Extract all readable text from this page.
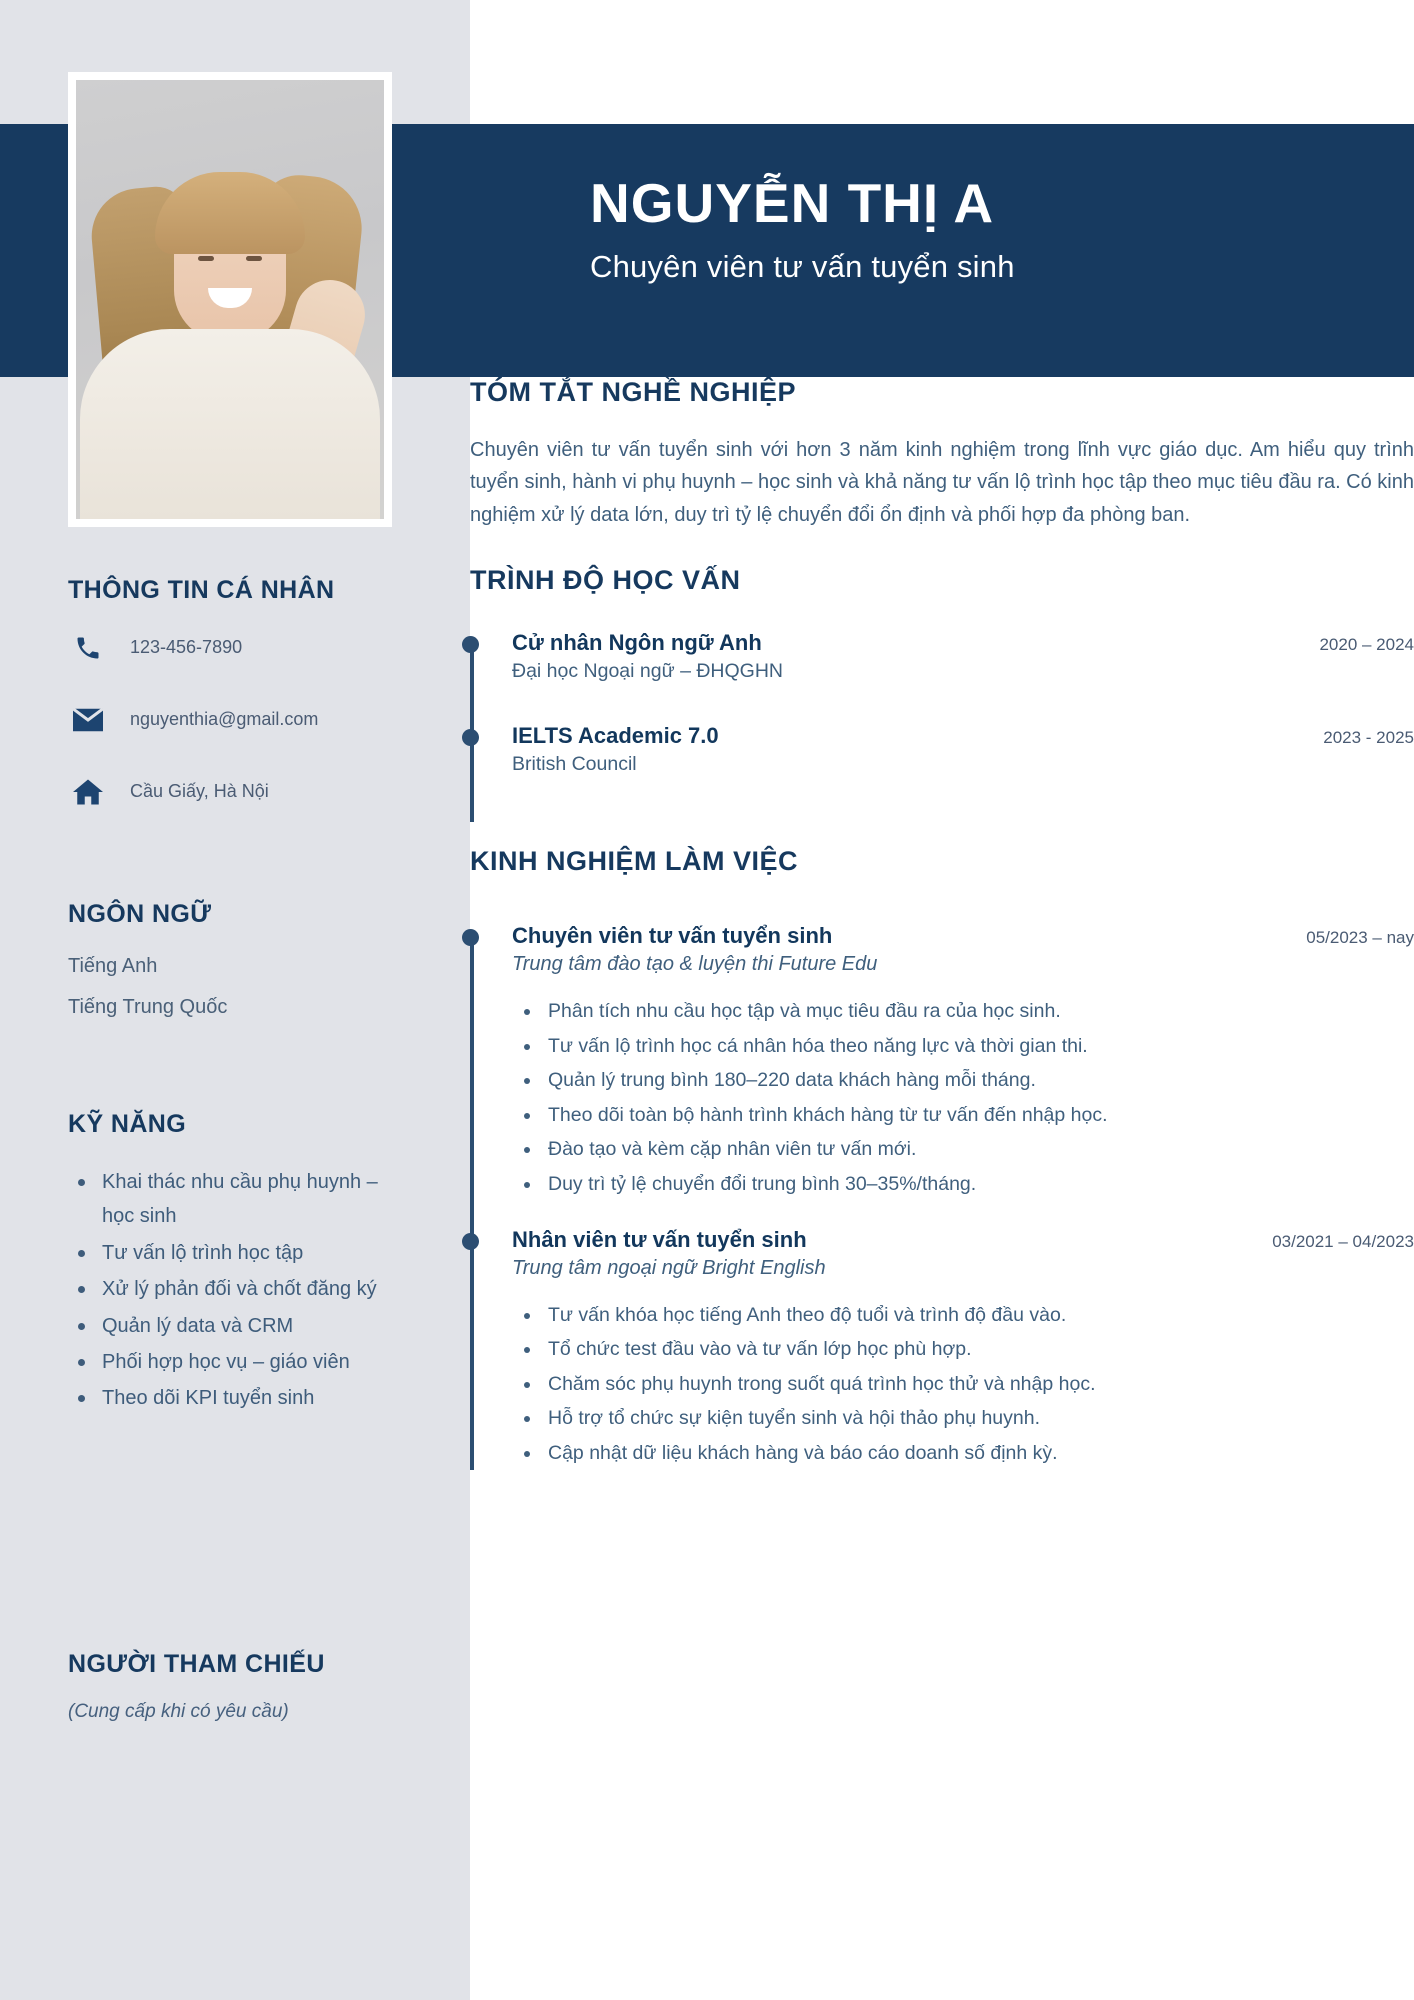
NGUYỄN THỊ A
Chuyên viên tư vấn tuyển sinh
THÔNG TIN CÁ NHÂN
123-456-7890
nguyenthia@gmail.com
Cầu Giấy, Hà Nội
NGÔN NGỮ
Tiếng Anh
Tiếng Trung Quốc
KỸ NĂNG
Khai thác nhu cầu phụ huynh – học sinh
Tư vấn lộ trình học tập
Xử lý phản đối và chốt đăng ký
Quản lý data và CRM
Phối hợp học vụ – giáo viên
Theo dõi KPI tuyển sinh
NGƯỜI THAM CHIẾU
(Cung cấp khi có yêu cầu)
TÓM TẮT NGHỀ NGHIỆP

Chuyên viên tư vấn tuyển sinh với hơn 3 năm kinh nghiệm trong lĩnh vực giáo dục. Am hiểu quy trình tuyển sinh, hành vi phụ huynh – học sinh và khả năng tư vấn lộ trình học tập theo mục tiêu đầu ra. Có kinh nghiệm xử lý data lớn, duy trì tỷ lệ chuyển đổi ổn định và phối hợp đa phòng ban.

TRÌNH ĐỘ HỌC VẤN
Cử nhân Ngôn ngữ Anh	2020 – 2024
Đại học Ngoại ngữ – ĐHQGHN
IELTS Academic 7.0	2023 - 2025
British Council
KINH NGHIỆM LÀM VIỆC
Chuyên viên tư vấn tuyển sinh	05/2023 – nay
Trung tâm đào tạo & luyện thi Future Edu
Phân tích nhu cầu học tập và mục tiêu đầu ra của học sinh.
Tư vấn lộ trình học cá nhân hóa theo năng lực và thời gian thi.
Quản lý trung bình 180–220 data khách hàng mỗi tháng.
Theo dõi toàn bộ hành trình khách hàng từ tư vấn đến nhập học.
Đào tạo và kèm cặp nhân viên tư vấn mới.
Duy trì tỷ lệ chuyển đổi trung bình 30–35%/tháng.
Nhân viên tư vấn tuyển sinh	03/2021 – 04/2023
Trung tâm ngoại ngữ Bright English
Tư vấn khóa học tiếng Anh theo độ tuổi và trình độ đầu vào.
Tổ chức test đầu vào và tư vấn lớp học phù hợp.
Chăm sóc phụ huynh trong suốt quá trình học thử và nhập học.
Hỗ trợ tổ chức sự kiện tuyển sinh và hội thảo phụ huynh.
Cập nhật dữ liệu khách hàng và báo cáo doanh số định kỳ.
